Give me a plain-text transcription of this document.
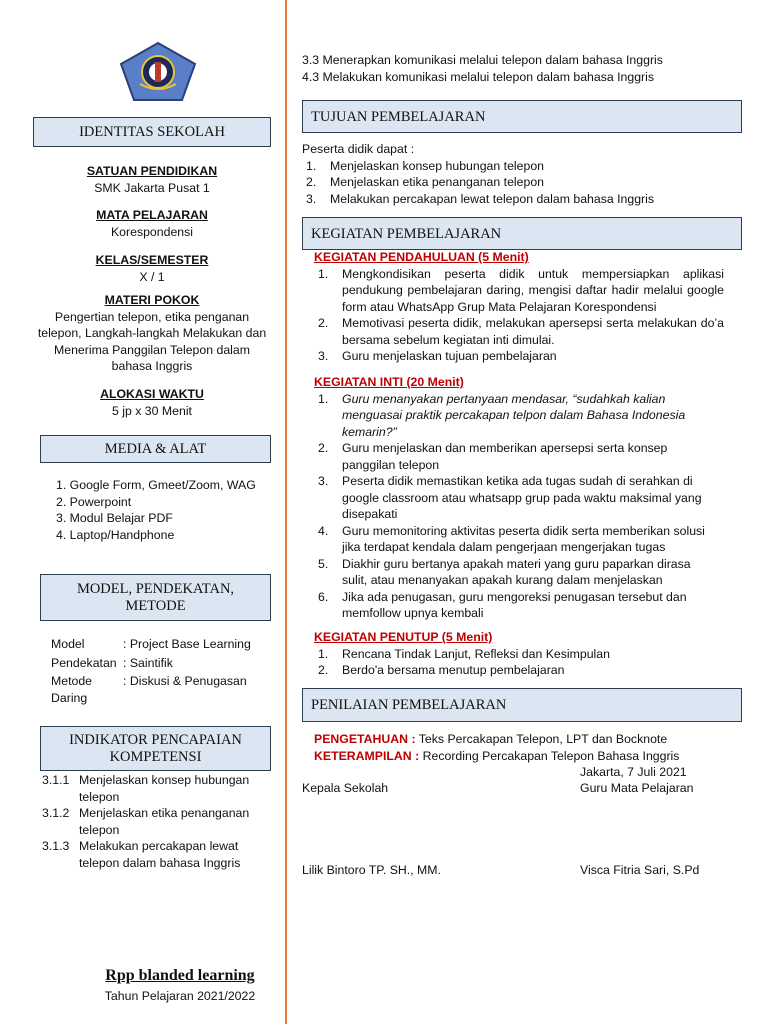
IDENTITAS SEKOLAH
SATUAN PENDIDIKAN
SMK Jakarta Pusat 1
MATA PELAJARAN
Korespondensi
KELAS/SEMESTER
X / 1
MATERI POKOK
Pengertian telepon, etika penganan
telepon, Langkah-langkah Melakukan dan
Menerima Panggilan Telepon dalam
bahasa Inggris
ALOKASI WAKTU
5 jp x 30 Menit
MEDIA & ALAT
1. Google Form, Gmeet/Zoom, WAG
2. Powerpoint
3. Modul Belajar PDF
4. Laptop/Handphone
MODEL, PENDEKATAN,
METODE
Model	: Project Base Learning
Pendekatan : Saintifik
Metode	: Diskusi & Penugasan
Daring
INDIKATOR PENCAPAIAN
KOMPETENSI
3.1.1 Menjelaskan konsep hubungan
telepon
3.1.2 Menjelaskan etika penanganan
telepon
3.1.3 Melakukan percakapan lewat
telepon dalam bahasa Inggris
Rpp blanded learning
Tahun Pelajaran 2021/2022
3.3 Menerapkan komunikasi melalui telepon dalam bahasa Inggris
4.3 Melakukan komunikasi melalui telepon dalam bahasa Inggris
TUJUAN PEMBELAJARAN
Peserta didik dapat :
1. Menjelaskan konsep hubungan telepon
2. Menjelaskan etika penanganan telepon
3. Melakukan percakapan lewat telepon dalam bahasa Inggris
KEGIATAN PEMBELAJARAN
KEGIATAN PENDAHULUAN (5 Menit)
1. Mengkondisikan peserta didik untuk mempersiapkan aplikasi pendukung pembelajaran daring, mengisi daftar hadir melalui google form atau WhatsApp Grup Mata Pelajaran Korespondensi
2. Memotivasi peserta didik, melakukan apersepsi serta melakukan do’a bersama sebelum kegiatan inti dimulai.
3. Guru menjelaskan tujuan pembelajaran
KEGIATAN INTI (20 Menit)
1. Guru menanyakan pertanyaan mendasar, “sudahkah kalian menguasai praktik percakapan telpon dalam Bahasa Indonesia kemarin?”
2. Guru menjelaskan dan memberikan apersepsi serta konsep panggilan telepon
3. Peserta didik memastikan ketika ada tugas sudah di serahkan di google classroom atau whatsapp grup pada waktu maksimal yang disepakati
4. Guru memonitoring aktivitas peserta didik serta memberikan solusi jika terdapat kendala dalam pengerjaan mengerjakan tugas
5. Diakhir guru bertanya apakah materi yang guru paparkan dirasa sulit, atau menanyakan apakah kurang dalam menjelaskan
6. Jika ada penugasan, guru mengoreksi penugasan tersebut dan memfollow upnya kembali
KEGIATAN PENUTUP (5 Menit)
1. Rencana Tindak Lanjut, Refleksi dan Kesimpulan
2. Berdo'a bersama menutup pembelajaran
PENILAIAN PEMBELAJARAN
PENGETAHUAN : Teks Percakapan Telepon, LPT dan Bocknote
KETERAMPILAN : Recording Percakapan Telepon Bahasa Inggris
Jakarta, 7 Juli 2021
Kepala Sekolah	Guru Mata Pelajaran
Lilik Bintoro TP. SH., MM.	Visca Fitria Sari, S.Pd
